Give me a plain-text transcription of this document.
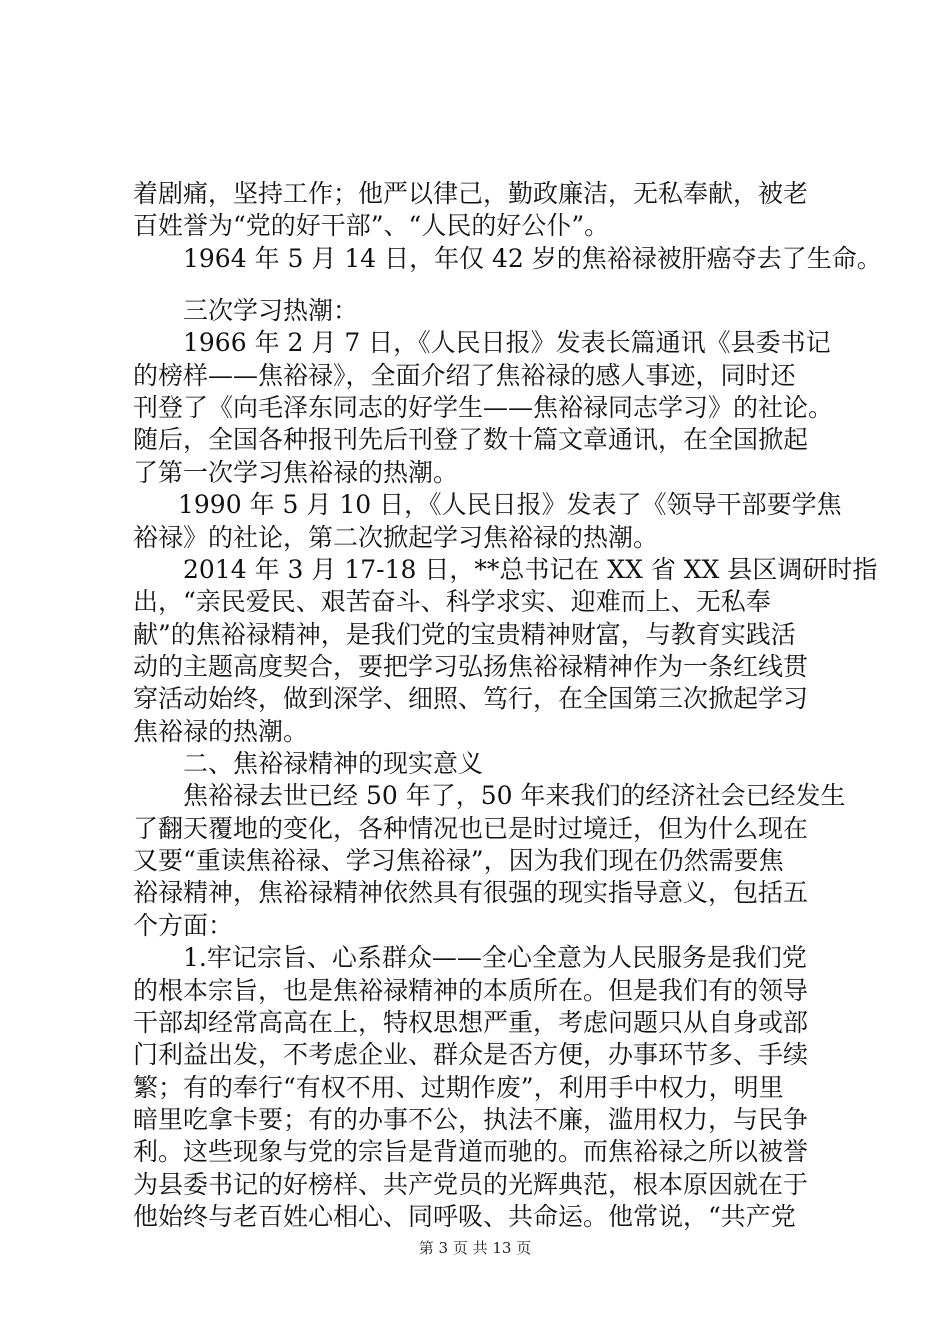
着剧痛，坚持工作；他严以律己，勤政廉洁，无私奉献，被老
百姓誉为“党的好干部”、“人民的好公仆”。
1964 年 5 月 14 日，年仅 42 岁的焦裕禄被肝癌夺去了生命。
三次学习热潮：
1966 年 2 月 7 日，《人民日报》发表长篇通讯《县委书记
的榜样——焦裕禄》，全面介绍了焦裕禄的感人事迹，同时还
刊登了《向毛泽东同志的好学生——焦裕禄同志学习》的社论。
随后，全国各种报刊先后刊登了数十篇文章通讯，在全国掀起
了第一次学习焦裕禄的热潮。
1990 年 5 月 10 日，《人民日报》发表了《领导干部要学焦
裕禄》的社论，第二次掀起学习焦裕禄的热潮。
2014 年 3 月 17-18 日，**总书记在 XX 省 XX 县区调研时指
出，“亲民爱民、艰苦奋斗、科学求实、迎难而上、无私奉
献”的焦裕禄精神，是我们党的宝贵精神财富，与教育实践活
动的主题高度契合，要把学习弘扬焦裕禄精神作为一条红线贯
穿活动始终，做到深学、细照、笃行，在全国第三次掀起学习
焦裕禄的热潮。
二、焦裕禄精神的现实意义
焦裕禄去世已经 50 年了，50 年来我们的经济社会已经发生
了翻天覆地的变化，各种情况也已是时过境迁，但为什么现在
又要“重读焦裕禄、学习焦裕禄”，因为我们现在仍然需要焦
裕禄精神，焦裕禄精神依然具有很强的现实指导意义，包括五
个方面：
1.牢记宗旨、心系群众——全心全意为人民服务是我们党
的根本宗旨，也是焦裕禄精神的本质所在。但是我们有的领导
干部却经常高高在上，特权思想严重，考虑问题只从自身或部
门利益出发，不考虑企业、群众是否方便，办事环节多、手续
繁；有的奉行“有权不用、过期作废”，利用手中权力，明里
暗里吃拿卡要；有的办事不公，执法不廉，滥用权力，与民争
利。这些现象与党的宗旨是背道而驰的。而焦裕禄之所以被誉
为县委书记的好榜样、共产党员的光辉典范，根本原因就在于
他始终与老百姓心相心、同呼吸、共命运。他常说，“共产党
第 3 页 共 13 页
